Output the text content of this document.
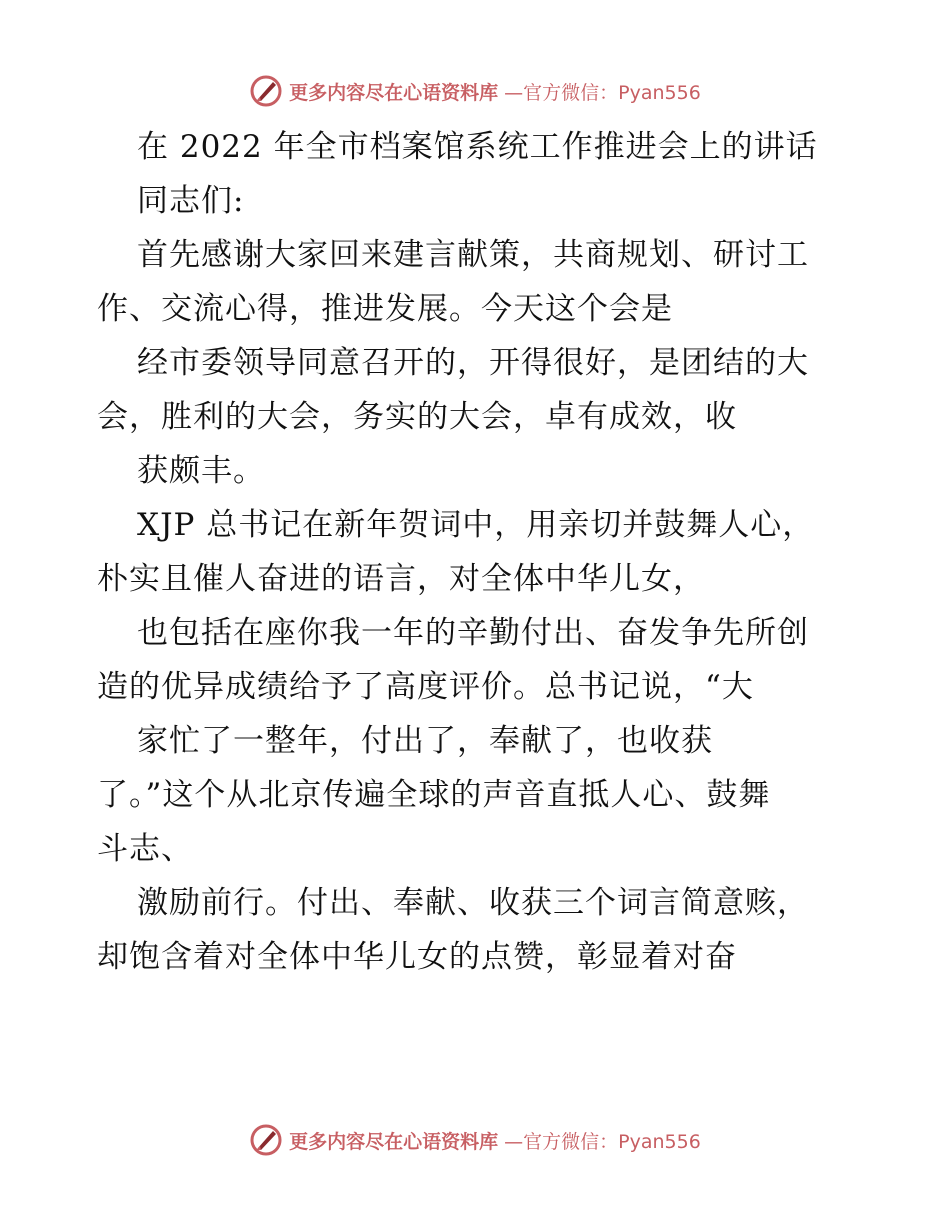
更多内容尽在心语资料库 —官方微信：Pyan556
在 2022 年全市档案馆系统工作推进会上的讲话
同志们:
首先感谢大家回来建言献策，共商规划、研讨工
作、交流心得，推进发展。今天这个会是
经市委领导同意召开的，开得很好，是团结的大
会，胜利的大会，务实的大会，卓有成效，收
获颇丰。
XJP 总书记在新年贺词中，用亲切并鼓舞人心，
朴实且催人奋进的语言，对全体中华儿女，
也包括在座你我一年的辛勤付出、奋发争先所创
造的优异成绩给予了高度评价。总书记说，“大
家忙了一整年，付出了，奉献了，也收获
了。”这个从北京传遍全球的声音直抵人心、鼓舞
斗志、
激励前行。付出、奉献、收获三个词言简意赅，
却饱含着对全体中华儿女的点赞，彰显着对奋
更多内容尽在心语资料库 —官方微信：Pyan556
